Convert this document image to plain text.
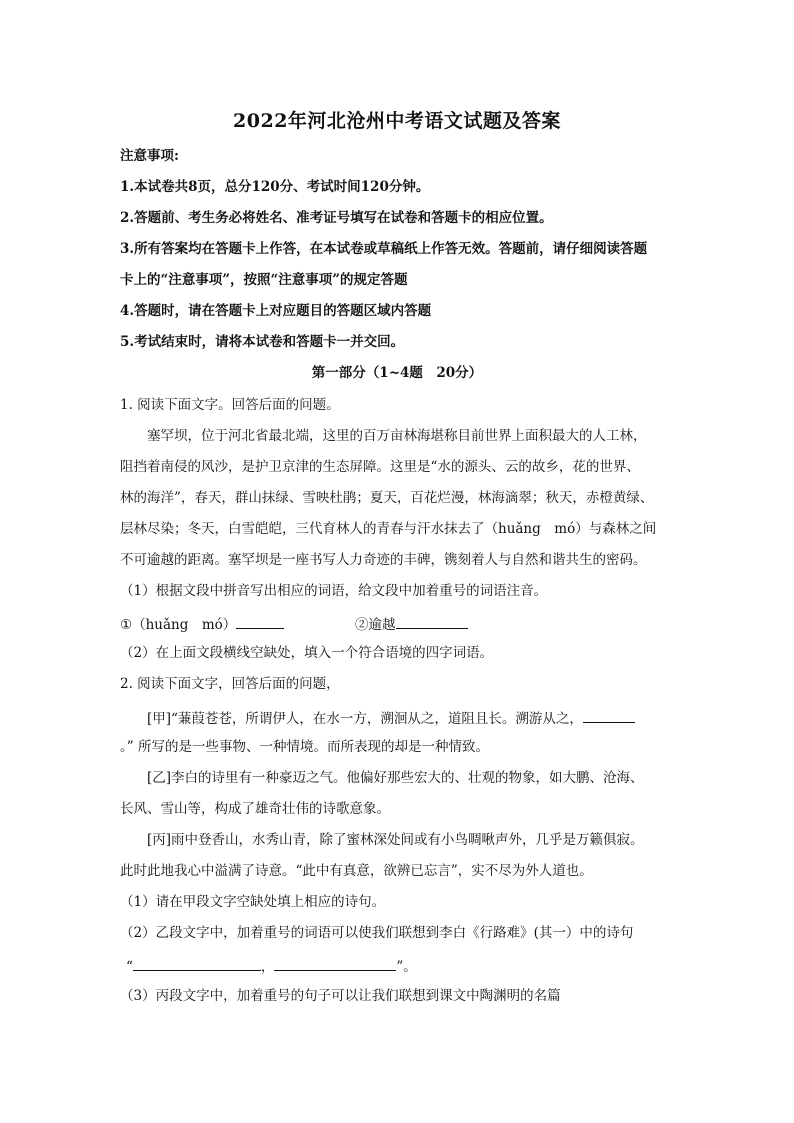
2022年河北沧州中考语文试题及答案
注意事项:
1.本试卷共8页，总分120分、考试时间120分钟。
2.答题前、考生务必将姓名、准考证号填写在试卷和答题卡的相应位置。
3.所有答案均在答题卡上作答，在本试卷或草稿纸上作答无效。答题前，请仔细阅读答题
卡上的“注意事项”，按照“注意事项”的规定答题
4.答题时，请在答题卡上对应题目的答题区域内答题
5.考试结束时，请将本试卷和答题卡一并交回。
第一部分（1~4题　20分）
1. 阅读下面文字。回答后面的问题。
塞罕坝，位于河北省最北端，这里的百万亩林海堪称目前世界上面积最大的人工林，
阻挡着南侵的风沙，是护卫京津的生态屏障。这里是“水的源头、云的故乡，花的世界、
林的海洋”，春天，群山抹绿、雪映杜鹃；夏天，百花烂漫，林海滴翠；秋天，赤橙黄绿、
层林尽染；冬天，白雪皑皑，三代育林人的青春与汗水抹去了（huǎng　mó）与森林之间
不可逾越的距离。塞罕坝是一座书写人力奇迹的丰碑，镌刻着人与自然和谐共生的密码。
（1）根据文段中拼音写出相应的词语，给文段中加着重号的词语注音。
①（huǎng　mó）	②逾越
（2）在上面文段横线空缺处，填入一个符合语境的四字词语。
2. 阅读下面文字，回答后面的问题，
[甲]“蒹葭苍苍，所谓伊人，在水一方，溯洄从之，道阻且长。溯游从之，
。” 所写的是一些事物、一种情境。而所表现的却是一种情致。
[乙]李白的诗里有一种豪迈之气。他偏好那些宏大的、壮观的物象，如大鹏、沧海、
长风、雪山等，构成了雄奇壮伟的诗歌意象。
[丙]雨中登香山，水秀山青，除了蜜林深处间或有小鸟啁啾声外，几乎是万籁俱寂。
此时此地我心中溢满了诗意。“此中有真意，欲辨已忘言”，实不尽为外人道也。
（1）请在甲段文字空缺处填上相应的诗句。
（2）乙段文字中，加着重号的词语可以使我们联想到李白《行路难》(其一）中的诗句
“	，	”。
（3）丙段文字中，加着重号的句子可以让我们联想到课文中陶渊明的名篇
